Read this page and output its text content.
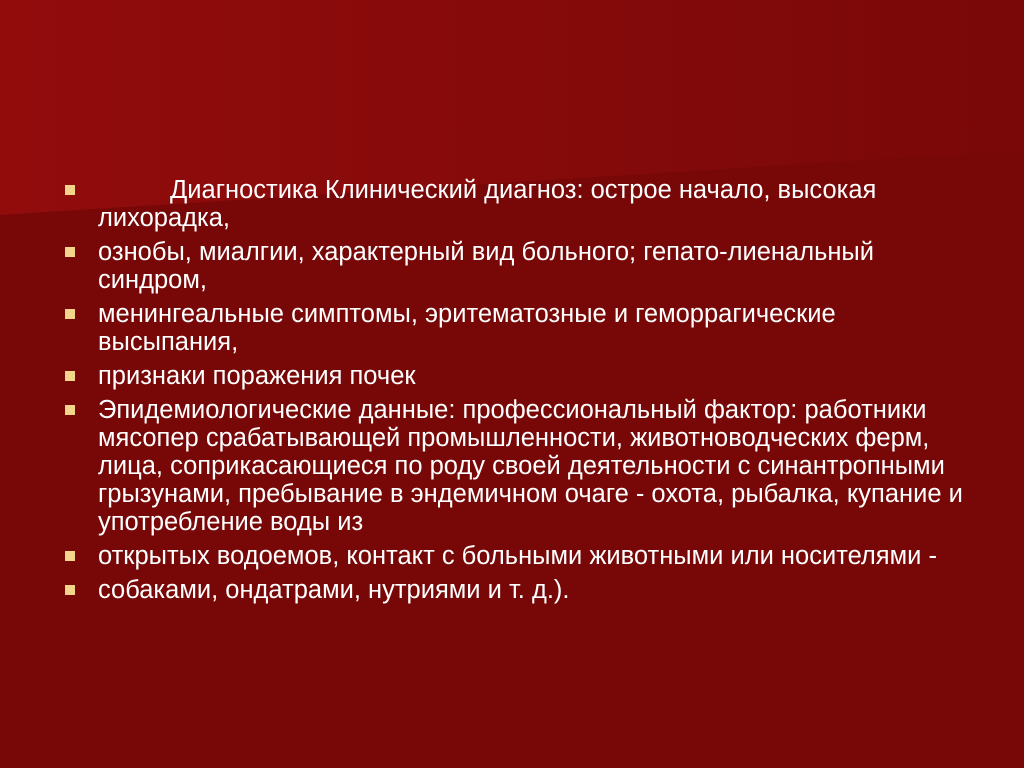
Диагностика Клинический диагноз: острое начало, высокая лихорадка,
ознобы, миалгии, характерный вид больного; гепато-лиенальный синдром,
менингеальные симптомы, эритематозные и геморрагические высыпания,
признаки поражения почек
Эпидемиологические данные: профессиональный фактор: работники мясопер срабатывающей промышленности, животноводческих ферм, лица, соприкасающиеся по роду своей деятельности с синантропными грызунами, пребывание в эндемичном очаге - охота, рыбалка, купание и употребление воды из
открытых водоемов, контакт с больными животными или носителями -
собаками, ондатрами, нутриями и т. д.).
